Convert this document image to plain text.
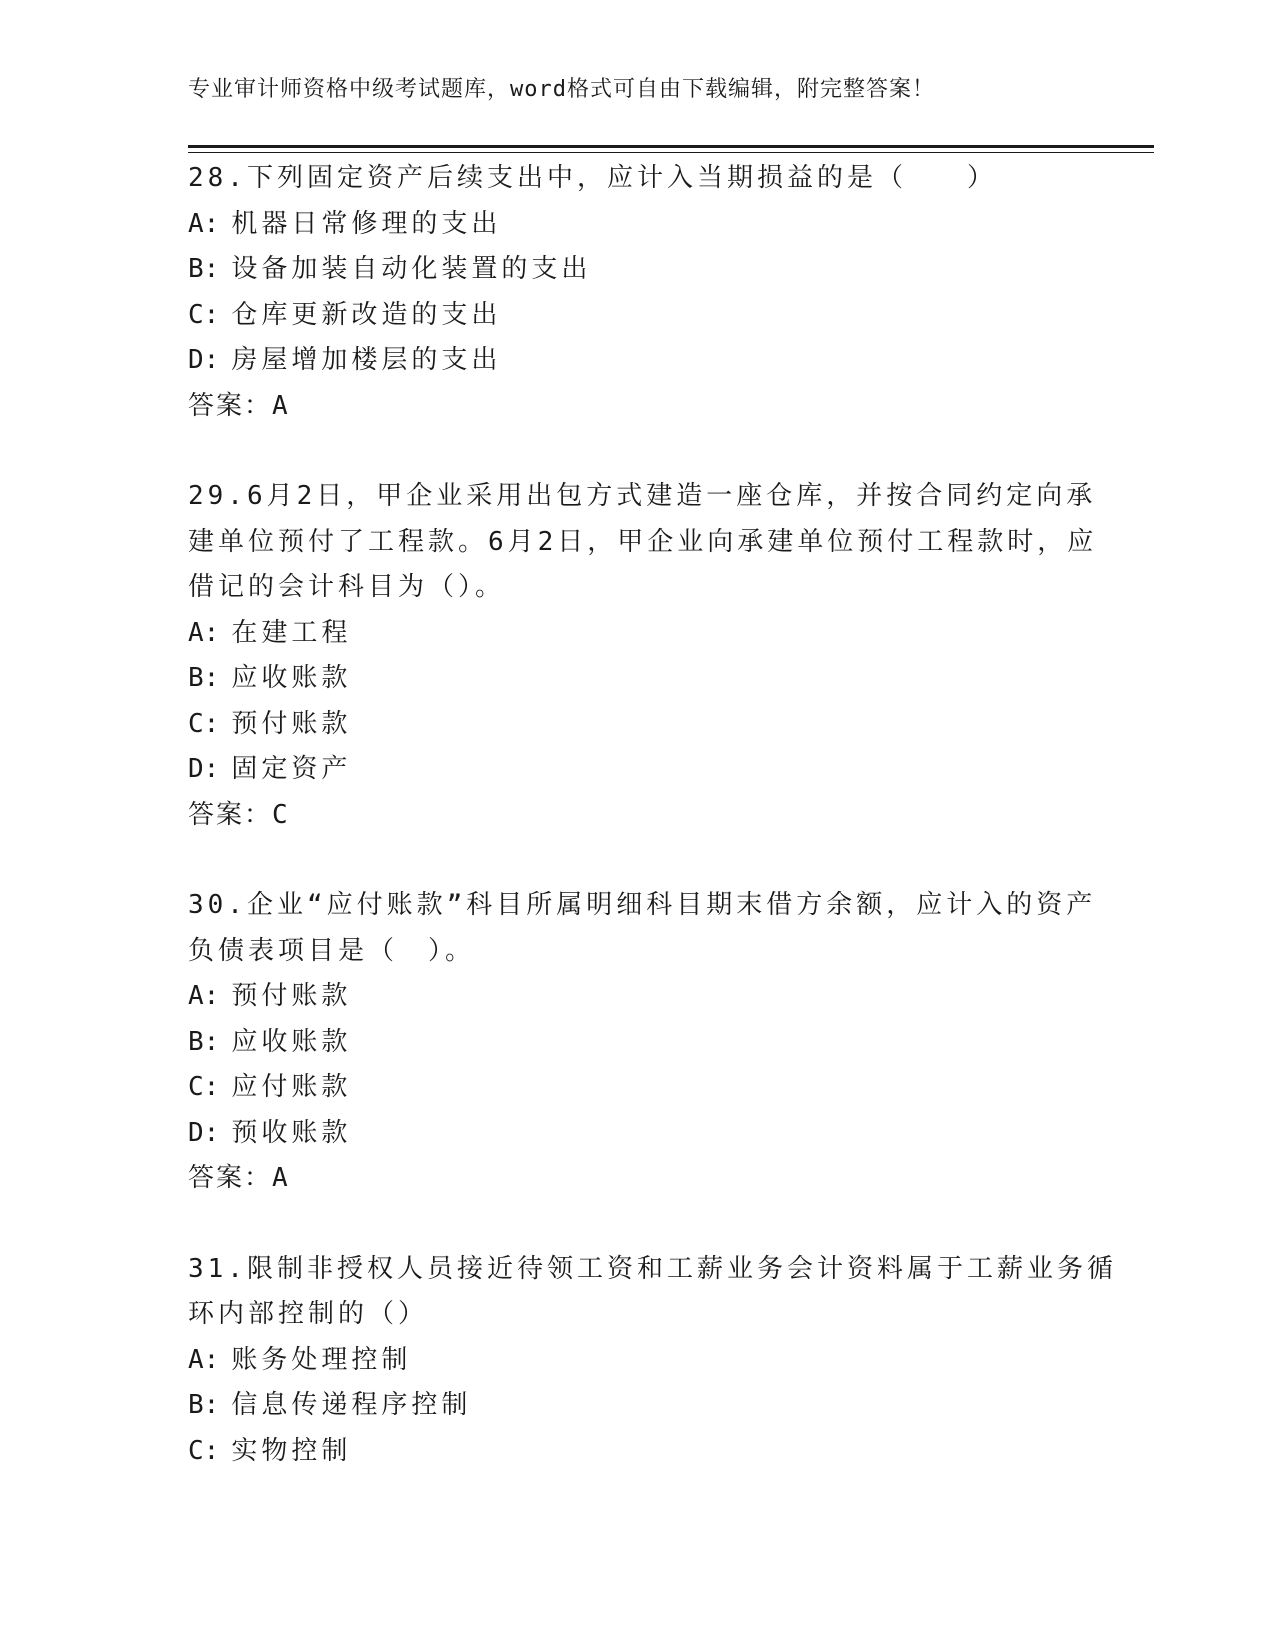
专业审计师资格中级考试题库，word格式可自由下载编辑，附完整答案！
28.下列固定资产后续支出中，应计入当期损益的是（　　）
A: 机器日常修理的支出
B: 设备加装自动化装置的支出
C: 仓库更新改造的支出
D: 房屋增加楼层的支出
答案：A
29.6月2日，甲企业采用出包方式建造一座仓库，并按合同约定向承
建单位预付了工程款。6月2日，甲企业向承建单位预付工程款时，应
借记的会计科目为（）。
A: 在建工程
B: 应收账款
C: 预付账款
D: 固定资产
答案：C
30.企业“应付账款”科目所属明细科目期末借方余额，应计入的资产
负债表项目是（　）。
A: 预付账款
B: 应收账款
C: 应付账款
D: 预收账款
答案：A
31.限制非授权人员接近待领工资和工薪业务会计资料属于工薪业务循
环内部控制的（）
A: 账务处理控制
B: 信息传递程序控制
C: 实物控制
